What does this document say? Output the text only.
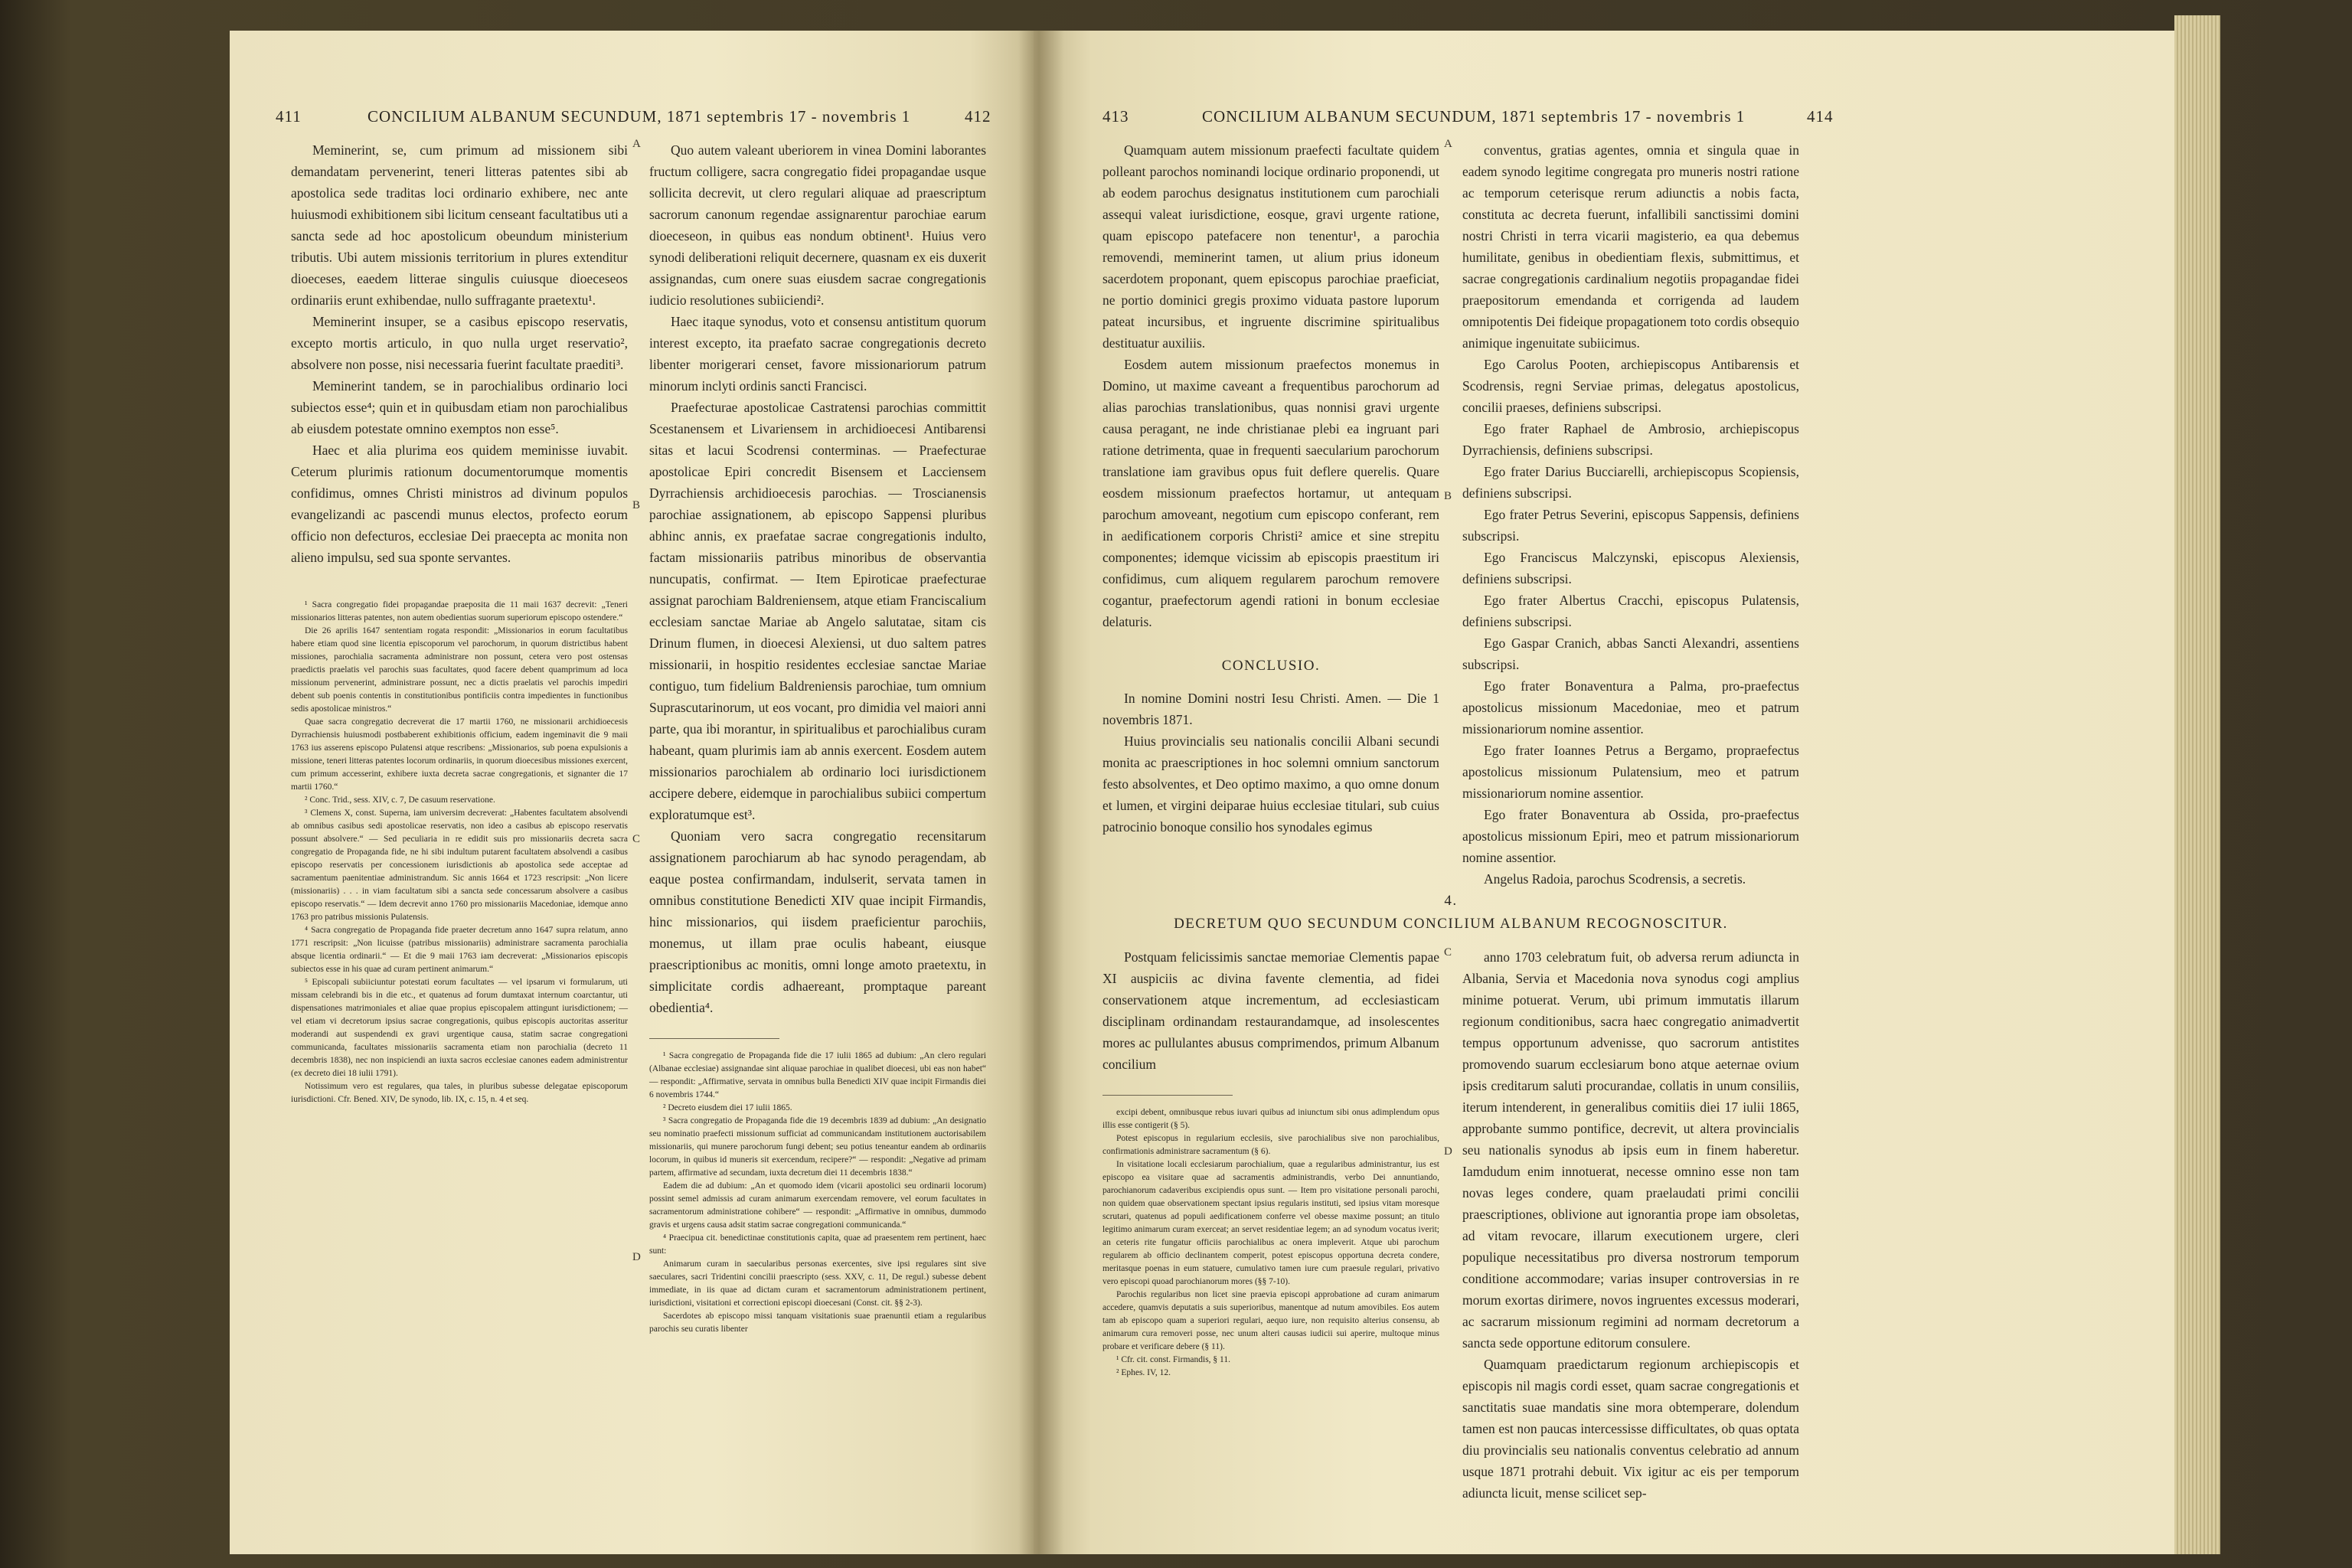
411	CONCILIUM ALBANUM SECUNDUM, 1871 septembris 17 - novembris 1	412

Meminerint, se, cum primum ad missionem sibi demandatam pervenerint, teneri litteras patentes sibi ab apostolica sede traditas loci ordinario exhibere, nec ante huiusmodi exhibitionem sibi licitum censeant facultatibus uti a sancta sede ad hoc apostolicum obeundum ministerium tributis. Ubi autem missionis territorium in plures extenditur dioeceses, eaedem litterae singulis cuiusque dioeceseos ordinariis erunt exhibendae, nullo suffragante praetextu¹.

Meminerint insuper, se a casibus episcopo reservatis, excepto mortis articulo, in quo nulla urget reservatio², absolvere non posse, nisi necessaria fuerint facultate praediti³.

Meminerint tandem, se in parochialibus ordinario loci subiectos esse⁴; quin et in quibusdam etiam non parochialibus ab eiusdem potestate omnino exemptos non esse⁵.

Haec et alia plurima eos quidem meminisse iuvabit. Ceterum plurimis rationum documentorumque momentis confidimus, omnes Christi ministros ad divinum populos evangelizandi ac pascendi munus electos, profecto eorum officio non defecturos, ecclesiae Dei praecepta ac monita non alieno impulsu, sed sua sponte servantes.

¹ Sacra congregatio fidei propagandae praeposita die 11 maii 1637 decrevit: „Teneri missionarios litteras patentes, non autem obedientias suorum superiorum episcopo ostendere.“

Die 26 aprilis 1647 sententiam rogata respondit: „Missionarios in eorum facultatibus habere etiam quod sine licentia episcoporum vel parochorum, in quorum districtibus habent missiones, parochialia sacramenta administrare non possunt, cetera vero post ostensas praedictis praelatis vel parochis suas facultates, quod facere debent quamprimum ad loca missionum pervenerint, administrare possunt, nec a dictis praelatis vel parochis impediri debent sub poenis contentis in constitutionibus pontificiis contra impedientes in functionibus sedis apostolicae ministros.“

Quae sacra congregatio decreverat die 17 martii 1760, ne missionarii archidioecesis Dyrrachiensis huiusmodi postbaberent exhibitionis officium, eadem ingeminavit die 9 maii 1763 ius asserens episcopo Pulatensi atque rescribens: „Missionarios, sub poena expulsionis a missione, teneri litteras patentes locorum ordinariis, in quorum dioecesibus missiones exercent, cum primum accesserint, exhibere iuxta decreta sacrae congregationis, et signanter die 17 martii 1760.“

² Conc. Trid., sess. XIV, c. 7, De casuum reservatione.

³ Clemens X, const. Superna, iam universim decreverat: „Habentes facultatem absolvendi ab omnibus casibus sedi apostolicae reservatis, non ideo a casibus ab episcopo reservatis possunt absolvere.“ — Sed peculiaria in re edidit suis pro missionariis decreta sacra congregatio de Propaganda fide, ne hi sibi indultum putarent facultatem absolvendi a casibus episcopo reservatis per concessionem iurisdictionis ab apostolica sede acceptae ad sacramentum paenitentiae administrandum. Sic annis 1664 et 1723 rescripsit: „Non licere (missionariis) . . . in viam facultatum sibi a sancta sede concessarum absolvere a casibus episcopo reservatis.“ — Idem decrevit anno 1760 pro missionariis Macedoniae, idemque anno 1763 pro patribus missionis Pulatensis.

⁴ Sacra congregatio de Propaganda fide praeter decretum anno 1647 supra relatum, anno 1771 rescripsit: „Non licuisse (patribus missionariis) administrare sacramenta parochialia absque licentia ordinarii.“ — Et die 9 maii 1763 iam decreverat: „Missionarios episcopis subiectos esse in his quae ad curam pertinent animarum.“

⁵ Episcopali subiiciuntur potestati eorum facultates — vel ipsarum vi formularum, uti missam celebrandi bis in die etc., et quatenus ad forum dumtaxat internum coarctantur, uti dispensationes matrimoniales et aliae quae propius episcopalem attingunt iurisdictionem; — vel etiam vi decretorum ipsius sacrae congregationis, quibus episcopis auctoritas asseritur moderandi aut suspendendi ex gravi urgentique causa, statim sacrae congregationi communicanda, facultates missionariis sacramenta etiam non parochialia (decreto 11 decembris 1838), nec non inspiciendi an iuxta sacros ecclesiae canones eadem administrentur (ex decreto diei 18 iulii 1791).

Notissimum vero est regulares, qua tales, in pluribus subesse delegatae episcoporum iurisdictioni. Cfr. Bened. XIV, De synodo, lib. IX, c. 15, n. 4 et seq.

A
B
C
D

Quo autem valeant uberiorem in vinea Domini laborantes fructum colligere, sacra congregatio fidei propagandae usque sollicita decrevit, ut clero regulari aliquae ad praescriptum sacrorum canonum regendae assignarentur parochiae earum dioeceseon, in quibus eas nondum obtinent¹. Huius vero synodi deliberationi reliquit decernere, quasnam ex eis duxerit assignandas, cum onere suas eiusdem sacrae congregationis iudicio resolutiones subiiciendi².

Haec itaque synodus, voto et consensu antistitum quorum interest excepto, ita praefato sacrae congregationis decreto libenter morigerari censet, favore missionariorum patrum minorum inclyti ordinis sancti Francisci.

Praefecturae apostolicae Castratensi parochias committit Scestanensem et Livariensem in archidioecesi Antibarensi sitas et lacui Scodrensi conterminas. — Praefecturae apostolicae Epiri concredit Bisensem et Lacciensem Dyrrachiensis archidioecesis parochias. — Troscianensis parochiae assignationem, ab episcopo Sappensi pluribus abhinc annis, ex praefatae sacrae congregationis indulto, factam missionariis patribus minoribus de observantia nuncupatis, confirmat. — Item Epiroticae praefecturae assignat parochiam Baldreniensem, atque etiam Franciscalium ecclesiam sanctae Mariae ab Angelo salutatae, sitam cis Drinum flumen, in dioecesi Alexiensi, ut duo saltem patres missionarii, in hospitio residentes ecclesiae sanctae Mariae contiguo, tum fidelium Baldreniensis parochiae, tum omnium Suprascutarinorum, ut eos vocant, pro dimidia vel maiori anni parte, qua ibi morantur, in spiritualibus et parochialibus curam habeant, quam plurimis iam ab annis exercent. Eosdem autem missionarios parochialem ab ordinario loci iurisdictionem accipere debere, eidemque in parochialibus subiici compertum exploratumque est³.

Quoniam vero sacra congregatio recensitarum assignationem parochiarum ab hac synodo peragendam, ab eaque postea confirmandam, indulserit, servata tamen in omnibus constitutione Benedicti XIV quae incipit Firmandis, hinc missionarios, qui iisdem praeficientur parochiis, monemus, ut illam prae oculis habeant, eiusque praescriptionibus ac monitis, omni longe amoto praetextu, in simplicitate cordis adhaereant, promptaque pareant obedientia⁴.

¹ Sacra congregatio de Propaganda fide die 17 iulii 1865 ad dubium: „An clero regulari (Albanae ecclesiae) assignandae sint aliquae parochiae in qualibet dioecesi, ubi eas non habet“ — respondit: „Affirmative, servata in omnibus bulla Benedicti XIV quae incipit Firmandis diei 6 novembris 1744.“

² Decreto eiusdem diei 17 iulii 1865.

³ Sacra congregatio de Propaganda fide die 19 decembris 1839 ad dubium: „An designatio seu nominatio praefecti missionum sufficiat ad communicandam institutionem auctorisabilem missionariis, qui munere parochorum fungi debent; seu potius teneantur eandem ab ordinariis locorum, in quibus id muneris sit exercendum, recipere?“ — respondit: „Negative ad primam partem, affirmative ad secundam, iuxta decretum diei 11 decembris 1838.“

Eadem die ad dubium: „An et quomodo idem (vicarii apostolici seu ordinarii locorum) possint semel admissis ad curam animarum exercendam removere, vel eorum facultates in sacramentorum administratione cohibere“ — respondit: „Affirmative in omnibus, dummodo gravis et urgens causa adsit statim sacrae congregationi communicanda.“

⁴ Praecipua cit. benedictinae constitutionis capita, quae ad praesentem rem pertinent, haec sunt:

Animarum curam in saecularibus personas exercentes, sive ipsi regulares sint sive saeculares, sacri Tridentini concilii praescripto (sess. XXV, c. 11, De regul.) subesse debent immediate, in iis quae ad dictam curam et sacramentorum administrationem pertinent, iurisdictioni, visitationi et correctioni episcopi dioecesani (Const. cit. §§ 2-3).

Sacerdotes ab episcopo missi tanquam visitationis suae praenuntii etiam a regularibus parochis seu curatis libenter

413	CONCILIUM ALBANUM SECUNDUM, 1871 septembris 17 - novembris 1	414

Quamquam autem missionum praefecti facultate quidem polleant parochos nominandi locique ordinario proponendi, ut ab eodem parochus designatus institutionem cum parochiali assequi valeat iurisdictione, eosque, gravi urgente ratione, quam episcopo patefacere non tenentur¹, a parochia removendi, meminerint tamen, ut alium prius idoneum sacerdotem proponant, quem episcopus parochiae praeficiat, ne portio dominici gregis proximo viduata pastore luporum pateat incursibus, et ingruente discrimine spiritualibus destituatur auxiliis.

Eosdem autem missionum praefectos monemus in Domino, ut maxime caveant a frequentibus parochorum ad alias parochias translationibus, quas nonnisi gravi urgente causa peragant, ne inde christianae plebi ea ingruant pari ratione detrimenta, quae in frequenti saecularium parochorum translatione iam gravibus opus fuit deflere querelis. Quare eosdem missionum praefectos hortamur, ut antequam parochum amoveant, negotium cum episcopo conferant, rem in aedificationem corporis Christi² amice et sine strepitu componentes; idemque vicissim ab episcopis praestitum iri confidimus, cum aliquem regularem parochum removere cogantur, praefectorum agendi rationi in bonum ecclesiae delaturis.

CONCLUSIO.

In nomine Domini nostri Iesu Christi. Amen. — Die 1 novembris 1871.

Huius provincialis seu nationalis concilii Albani secundi monita ac praescriptiones in hoc solemni omnium sanctorum festo absolventes, et Deo optimo maximo, a quo omne donum et lumen, et virgini deiparae huius ecclesiae titulari, sub cuius patrocinio bonoque consilio hos synodales egimus

A
B

conventus, gratias agentes, omnia et singula quae in eadem synodo legitime congregata pro muneris nostri ratione ac temporum ceterisque rerum adiunctis a nobis facta, constituta ac decreta fuerunt, infallibili sanctissimi domini nostri Christi in terra vicarii magisterio, ea qua debemus humilitate, genibus in obedientiam flexis, submittimus, et sacrae congregationis cardinalium negotiis propagandae fidei praepositorum emendanda et corrigenda ad laudem omnipotentis Dei fideique propagationem toto cordis obsequio animique ingenuitate subiicimus.

Ego Carolus Pooten, archiepiscopus Antibarensis et Scodrensis, regni Serviae primas, delegatus apostolicus, concilii praeses, definiens subscripsi.

Ego frater Raphael de Ambrosio, archiepiscopus Dyrrachiensis, definiens subscripsi.

Ego frater Darius Bucciarelli, archiepiscopus Scopiensis, definiens subscripsi.

Ego frater Petrus Severini, episcopus Sappensis, definiens subscripsi.

Ego Franciscus Malczynski, episcopus Alexiensis, definiens subscripsi.

Ego frater Albertus Cracchi, episcopus Pulatensis, definiens subscripsi.

Ego Gaspar Cranich, abbas Sancti Alexandri, assentiens subscripsi.

Ego frater Bonaventura a Palma, pro-praefectus apostolicus missionum Macedoniae, meo et patrum missionariorum nomine assentior.

Ego frater Ioannes Petrus a Bergamo, propraefectus apostolicus missionum Pulatensium, meo et patrum missionariorum nomine assentior.

Ego frater Bonaventura ab Ossida, pro-praefectus apostolicus missionum Epiri, meo et patrum missionariorum nomine assentior.

Angelus Radoia, parochus Scodrensis, a secretis.

4.
DECRETUM QUO SECUNDUM CONCILIUM ALBANUM RECOGNOSCITUR.
C
D

Postquam felicissimis sanctae memoriae Clementis papae XI auspiciis ac divina favente clementia, ad fidei conservationem atque incrementum, ad ecclesiasticam disciplinam ordinandam restaurandamque, ad insolescentes mores ac pullulantes abusus comprimendos, primum Albanum concilium

excipi debent, omnibusque rebus iuvari quibus ad iniunctum sibi onus adimplendum opus illis esse contigerit (§ 5).

Potest episcopus in regularium ecclesiis, sive parochialibus sive non parochialibus, confirmationis administrare sacramentum (§ 6).

In visitatione locali ecclesiarum parochialium, quae a regularibus administrantur, ius est episcopo ea visitare quae ad sacramentis administrandis, verbo Dei annuntiando, parochianorum cadaveribus excipiendis opus sunt. — Item pro visitatione personali parochi, non quidem quae observationem spectant ipsius regularis instituti, sed ipsius vitam moresque scrutari, quatenus ad populi aedificationem conferre vel obesse maxime possunt; an titulo legitimo animarum curam exerceat; an servet residentiae legem; an ad synodum vocatus iverit; an ceteris rite fungatur officiis parochialibus ac onera impleverit. Atque ubi parochum regularem ab officio declinantem comperit, potest episcopus opportuna decreta condere, meritasque poenas in eum statuere, cumulativo tamen iure cum praesule regulari, privativo vero episcopi quoad parochianorum mores (§§ 7-10).

Parochis regularibus non licet sine praevia episcopi approbatione ad curam animarum accedere, quamvis deputatis a suis superioribus, manentque ad nutum amovibiles. Eos autem tam ab episcopo quam a superiori regulari, aequo iure, non requisito alterius consensu, ab animarum cura removeri posse, nec unum alteri causas iudicii sui aperire, multoque minus probare et verificare debere (§ 11).

¹ Cfr. cit. const. Firmandis, § 11.

² Ephes. IV, 12.

anno 1703 celebratum fuit, ob adversa rerum adiuncta in Albania, Servia et Macedonia nova synodus cogi amplius minime potuerat. Verum, ubi primum immutatis illarum regionum conditionibus, sacra haec congregatio animadvertit tempus opportunum advenisse, quo sacrorum antistites promovendo suarum ecclesiarum bono atque aeternae ovium ipsis creditarum saluti procurandae, collatis in unum consiliis, iterum intenderent, in generalibus comitiis diei 17 iulii 1865, approbante summo pontifice, decrevit, ut altera provincialis seu nationalis synodus ab ipsis eum in finem haberetur. Iamdudum enim innotuerat, necesse omnino esse non tam novas leges condere, quam praelaudati primi concilii praescriptiones, oblivione aut ignorantia prope iam obsoletas, ad vitam revocare, illarum executionem urgere, cleri populique necessitatibus pro diversa nostrorum temporum conditione accommodare; varias insuper controversias in re morum exortas dirimere, novos ingruentes excessus moderari, ac sacrarum missionum regimini ad normam decretorum a sancta sede opportune editorum consulere.

Quamquam praedictarum regionum archiepiscopis et episcopis nil magis cordi esset, quam sacrae congregationis et sanctitatis suae mandatis sine mora obtemperare, dolendum tamen est non paucas intercessisse difficultates, ob quas optata diu provincialis seu nationalis conventus celebratio ad annum usque 1871 protrahi debuit. Vix igitur ac eis per temporum adiuncta licuit, mense scilicet sep-
